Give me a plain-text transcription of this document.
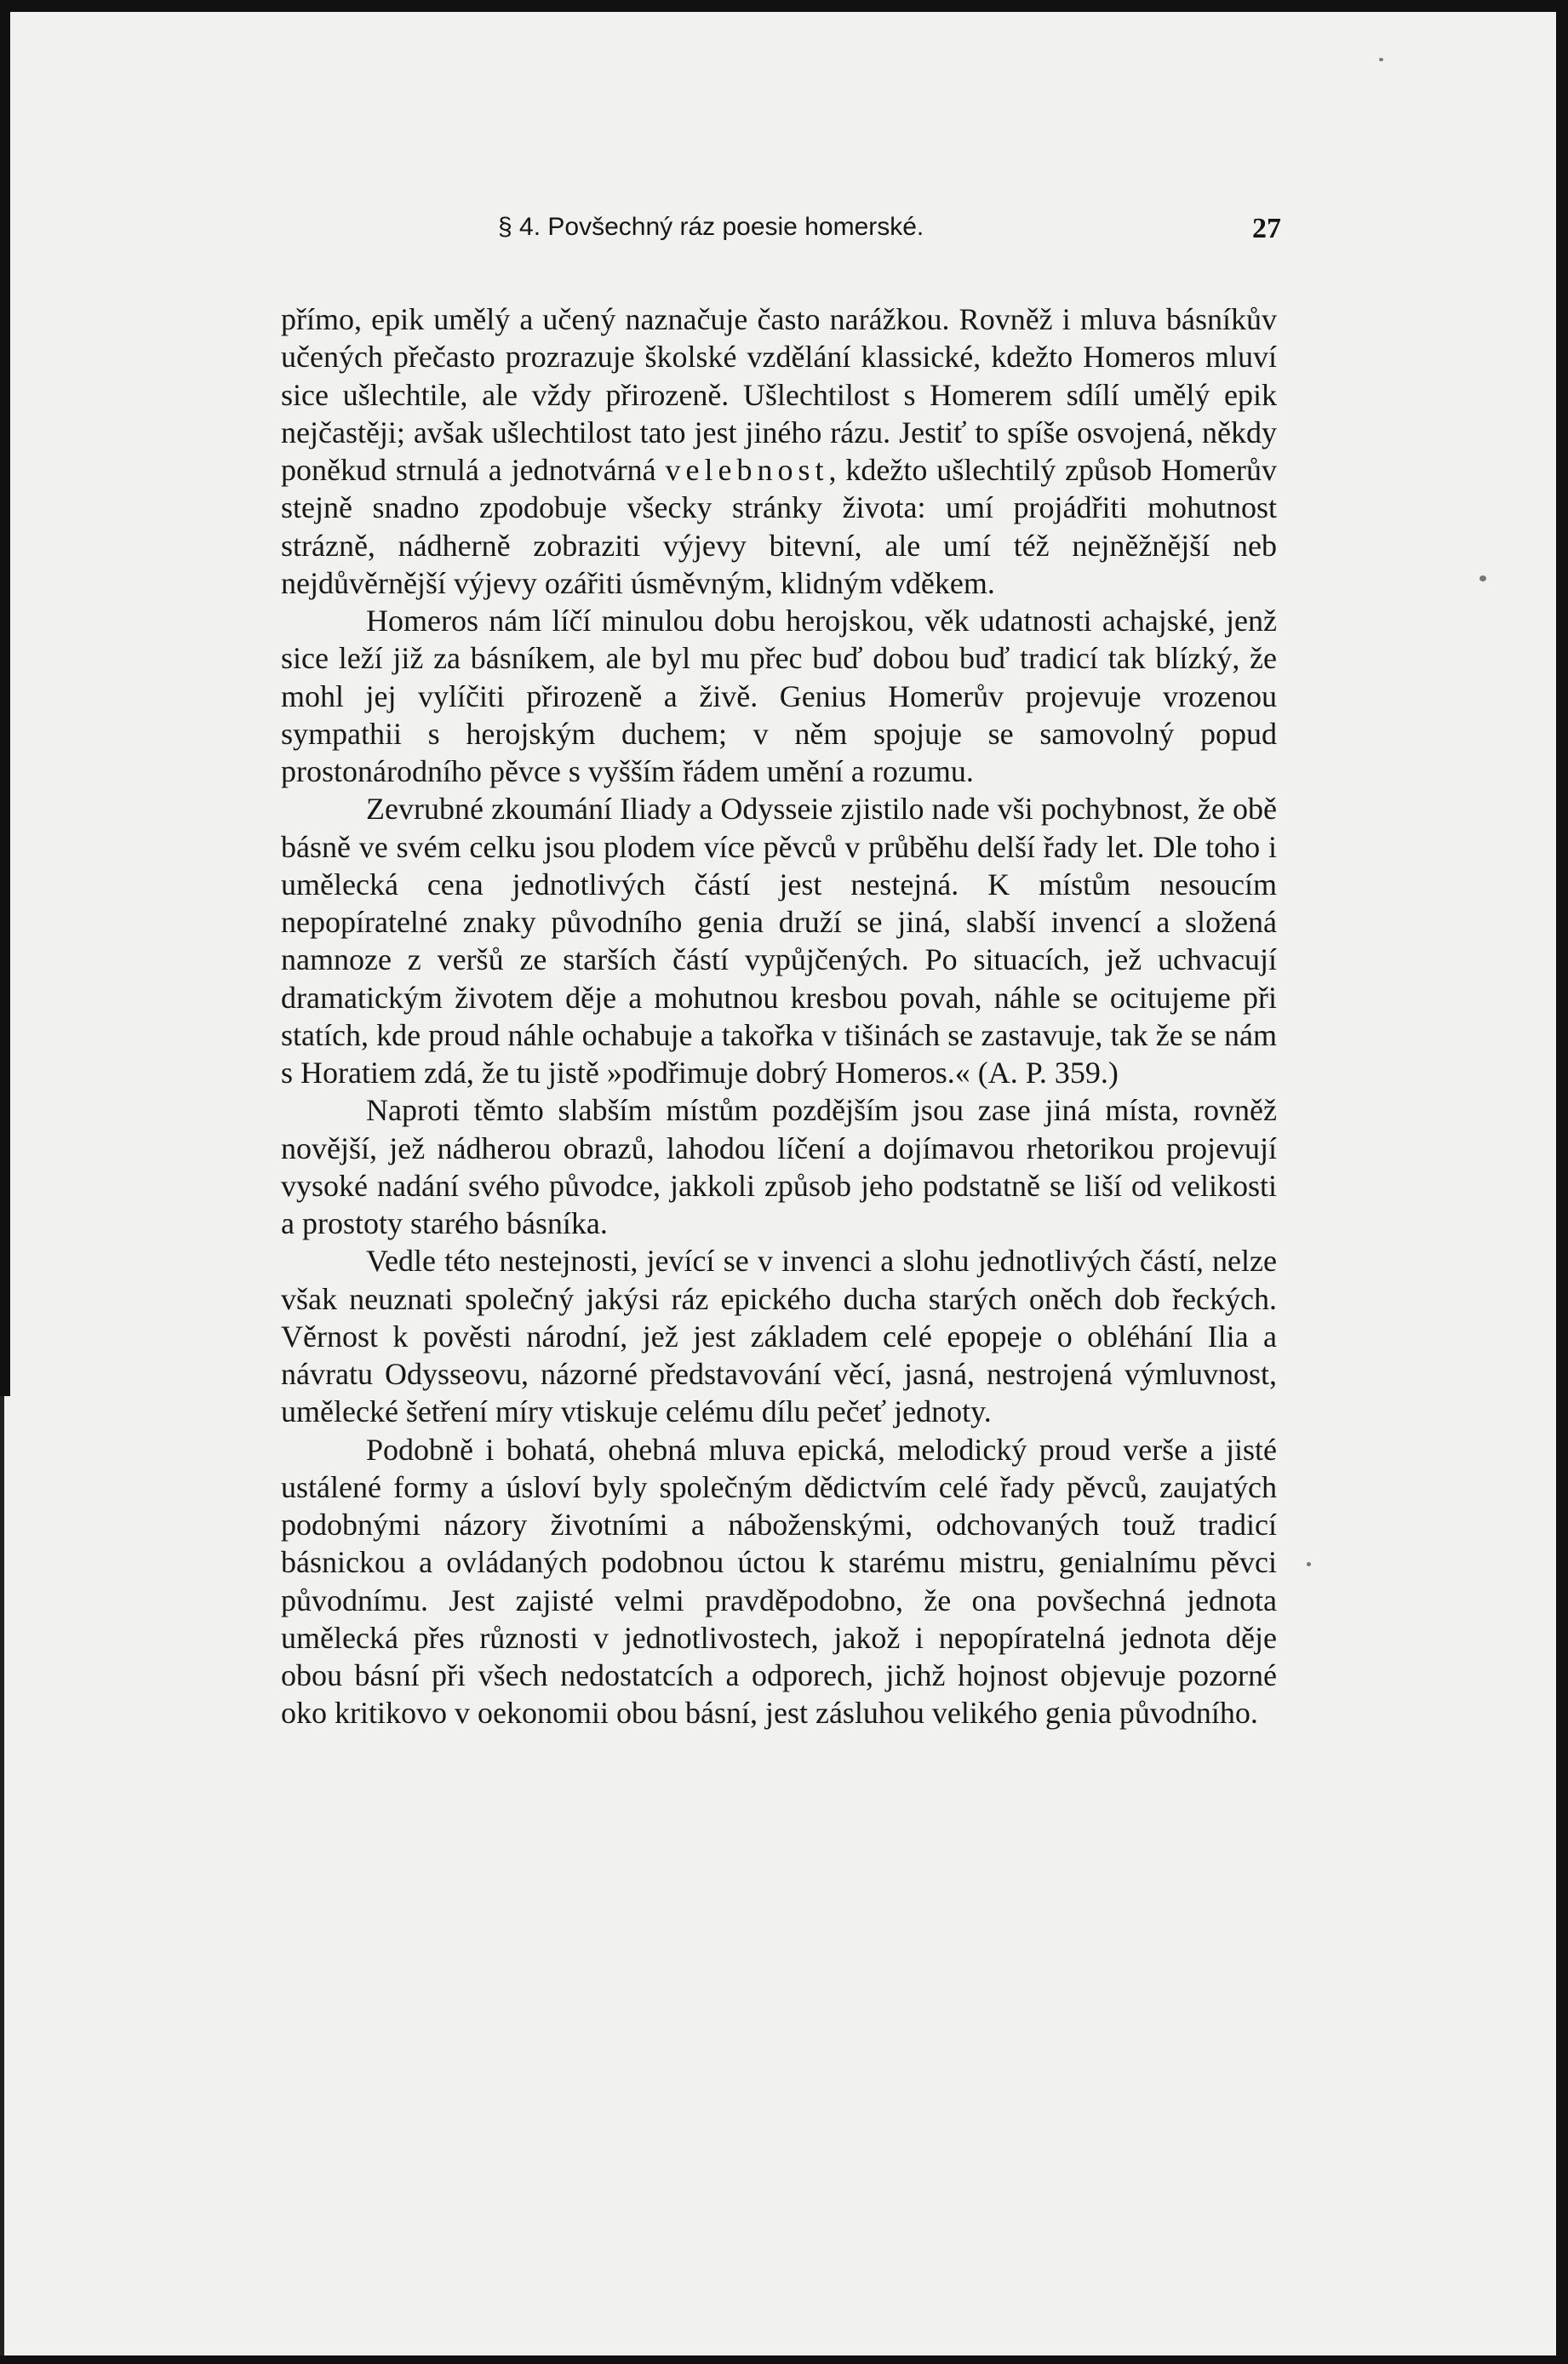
§ 4. Povšechný ráz poesie homerské.	27

přímo, epik umělý a učený naznačuje často narážkou. Rovněž i mluva básníkův učených přečasto prozrazuje školské vzdělání klassické, kdežto Homeros mluví sice ušlechtile, ale vždy přirozeně. Ušlechtilost s Homerem sdílí umělý epik nejčastěji; avšak ušlechtilost tato jest jiného rázu. Jestiť to spíše osvojená, někdy poněkud strnulá a jednotvárná velebnost, kdežto ušlechtilý způsob Homerův stejně snadno zpodobuje všecky stránky života: umí projádřiti mohutnost strázně, nádherně zobraziti výjevy bitevní, ale umí též nejněžnější neb nejdůvěrnější výjevy ozářiti úsměvným, klidným vděkem.

Homeros nám líčí minulou dobu herojskou, věk udatnosti achajské, jenž sice leží již za básníkem, ale byl mu přec buď dobou buď tradicí tak blízký, že mohl jej vylíčiti přirozeně a živě. Genius Homerův projevuje vrozenou sympathii s herojským duchem; v něm spojuje se samovolný popud prostonárodního pěvce s vyšším řádem umění a rozumu.

Zevrubné zkoumání Iliady a Odysseie zjistilo nade vši pochybnost, že obě básně ve svém celku jsou plodem více pěvců v průběhu delší řady let. Dle toho i umělecká cena jednotlivých částí jest nestejná. K místům nesoucím nepopíratelné znaky původního genia druží se jiná, slabší invencí a složená namnoze z veršů ze starších částí vypůjčených. Po situacích, jež uchvacují dramatickým životem děje a mohutnou kresbou povah, náhle se ocitujeme při statích, kde proud náhle ochabuje a takořka v tišinách se zastavuje, tak že se nám s Horatiem zdá, že tu jistě »podřimuje dobrý Homeros.« (A. P. 359.)

Naproti těmto slabším místům pozdějším jsou zase jiná místa, rovněž novější, jež nádherou obrazů, lahodou líčení a dojímavou rhetorikou projevují vysoké nadání svého původce, jakkoli způsob jeho podstatně se liší od velikosti a prostoty starého básníka.

Vedle této nestejnosti, jevící se v invenci a slohu jednotlivých částí, nelze však neuznati společný jakýsi ráz epického ducha starých oněch dob řeckých. Věrnost k pověsti národní, jež jest základem celé epopeje o obléhání Ilia a návratu Odysseovu, názorné představování věcí, jasná, nestrojená výmluvnost, umělecké šetření míry vtiskuje celému dílu pečeť jednoty.

Podobně i bohatá, ohebná mluva epická, melodický proud verše a jisté ustálené formy a úsloví byly společným dědictvím celé řady pěvců, zaujatých podobnými názory životními a náboženskými, odchovaných touž tradicí básnickou a ovládaných podobnou úctou k starému mistru, genialnímu pěvci původnímu. Jest zajisté velmi pravděpodobno, že ona povšechná jednota umělecká přes různosti v jednotlivostech, jakož i nepopíratelná jednota děje obou básní při všech nedostatcích a odporech, jichž hojnost objevuje pozorné oko kritikovo v oekonomii obou básní, jest zásluhou velikého genia původního.
